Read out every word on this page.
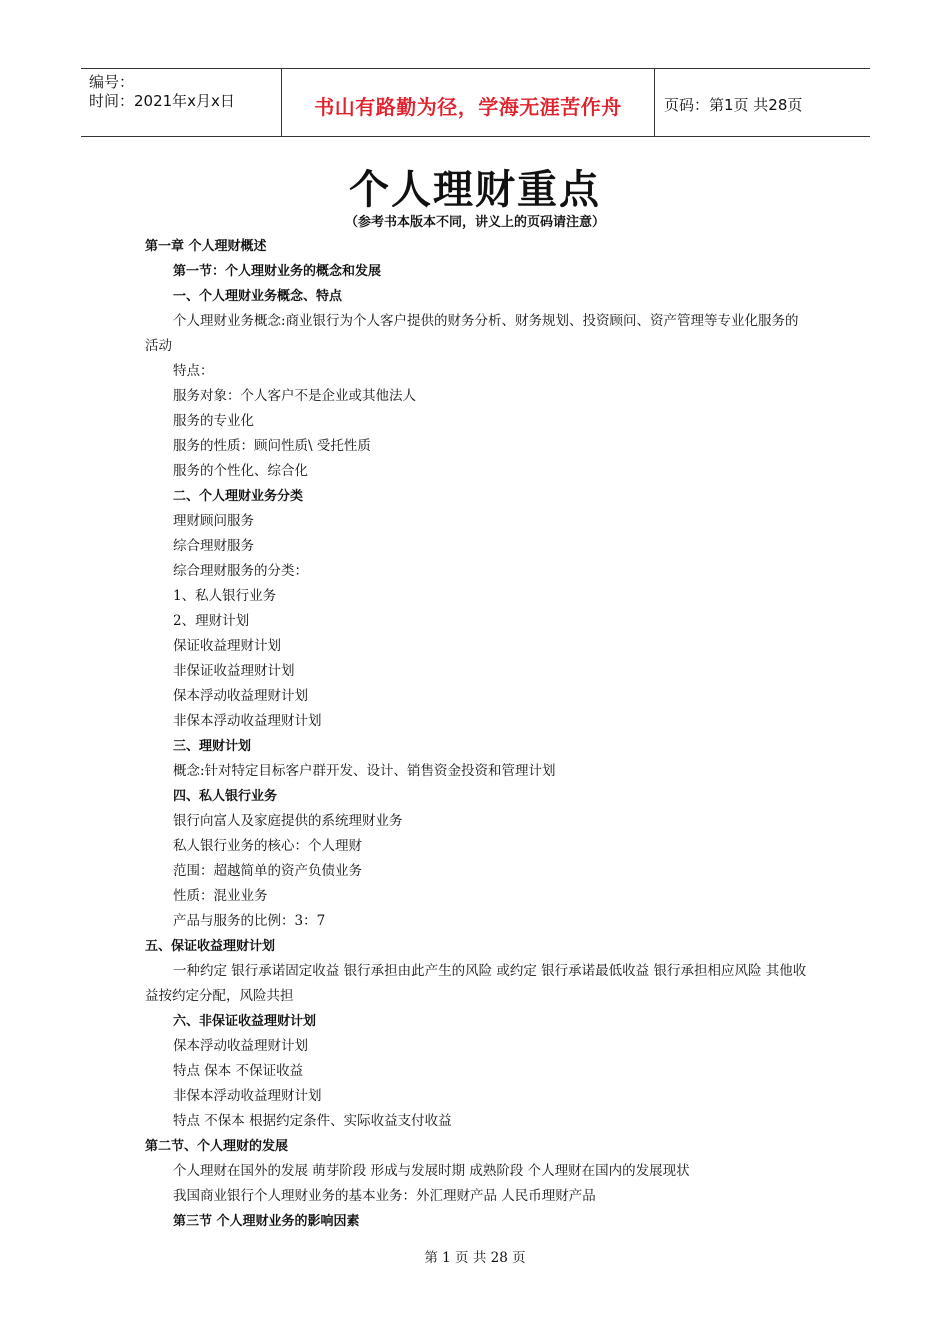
编号：
时间：2021年x月x日	书山有路勤为径，学海无涯苦作舟	页码：第1页 共28页
个人理财重点
（参考书本版本不同，讲义上的页码请注意）
第一章 个人理财概述
第一节：个人理财业务的概念和发展
一、个人理财业务概念、特点
个人理财业务概念:商业银行为个人客户提供的财务分析、财务规划、投资顾问、资产管理等专业化服务的活动
特点：
服务对象：个人客户不是企业或其他法人
服务的专业化
服务的性质：顾问性质\ 受托性质
服务的个性化、综合化
二、个人理财业务分类
理财顾问服务
综合理财服务
综合理财服务的分类：
1、私人银行业务
2、理财计划
保证收益理财计划
非保证收益理财计划
保本浮动收益理财计划
非保本浮动收益理财计划
三、理财计划
概念:针对特定目标客户群开发、设计、销售资金投资和管理计划
四、私人银行业务
银行向富人及家庭提供的系统理财业务
私人银行业务的核心：个人理财
范围：超越简单的资产负债业务
性质：混业业务
产品与服务的比例：3：7
五、保证收益理财计划
一种约定 银行承诺固定收益 银行承担由此产生的风险 或约定 银行承诺最低收益 银行承担相应风险 其他收益按约定分配，风险共担
六、非保证收益理财计划
保本浮动收益理财计划
特点 保本 不保证收益
非保本浮动收益理财计划
特点 不保本 根据约定条件、实际收益支付收益
第二节、个人理财的发展
个人理财在国外的发展 萌芽阶段 形成与发展时期 成熟阶段 个人理财在国内的发展现状
我国商业银行个人理财业务的基本业务：外汇理财产品 人民币理财产品
第三节 个人理财业务的影响因素
第 1 页 共 28 页
